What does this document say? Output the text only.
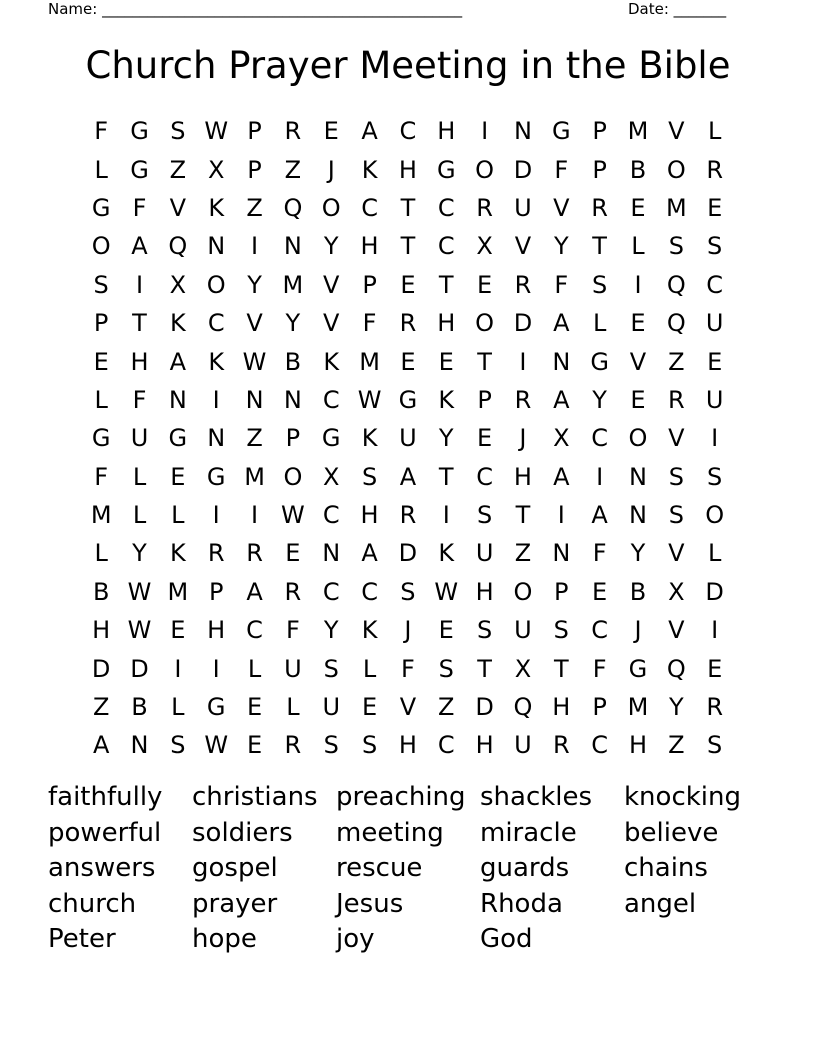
Name: ________________________________________________	Date: _______
Church Prayer Meeting in the Bible
F G S W P R E A C H	I	N G P M V L
L G Z X P Z	J	K H G O D F	P B O R
G F V K Z Q O C T C R U V R E M E
O A Q N	I	N Y H T C X V Y T	L	S S
S	I	X O Y M V P E T E R F S	I	Q C
P T K C V Y V F R H O D A L	E Q U
E H A K W B K M E E T	I	N G V Z E
L	F N	I	N N C W G K P R A Y E R U
G U G N Z P G K U Y E	J	X C O V	I
F	L	E G M O X S A T C H A	I	N S S
M L	L	I	I W C H R	I	S T	I	A N S O
L	Y K R R E N A D K U Z N F	Y V L
B W M P A R C C S W H O P E B X D
H W E H C F	Y K	J	E S U S C	J	V	I
D D	I	I	L U S	L	F S T X T	F G Q E
Z B L G E	L U E V Z D Q H P M Y R
A N S W E R S S H C H U R C H Z S
faithfully	christians preaching shackles	knocking
powerful	soldiers	meeting	miracle	believe
answers	gospel	rescue	guards	chains
church	prayer	Jesus	Rhoda	angel
Peter	hope	joy	God
